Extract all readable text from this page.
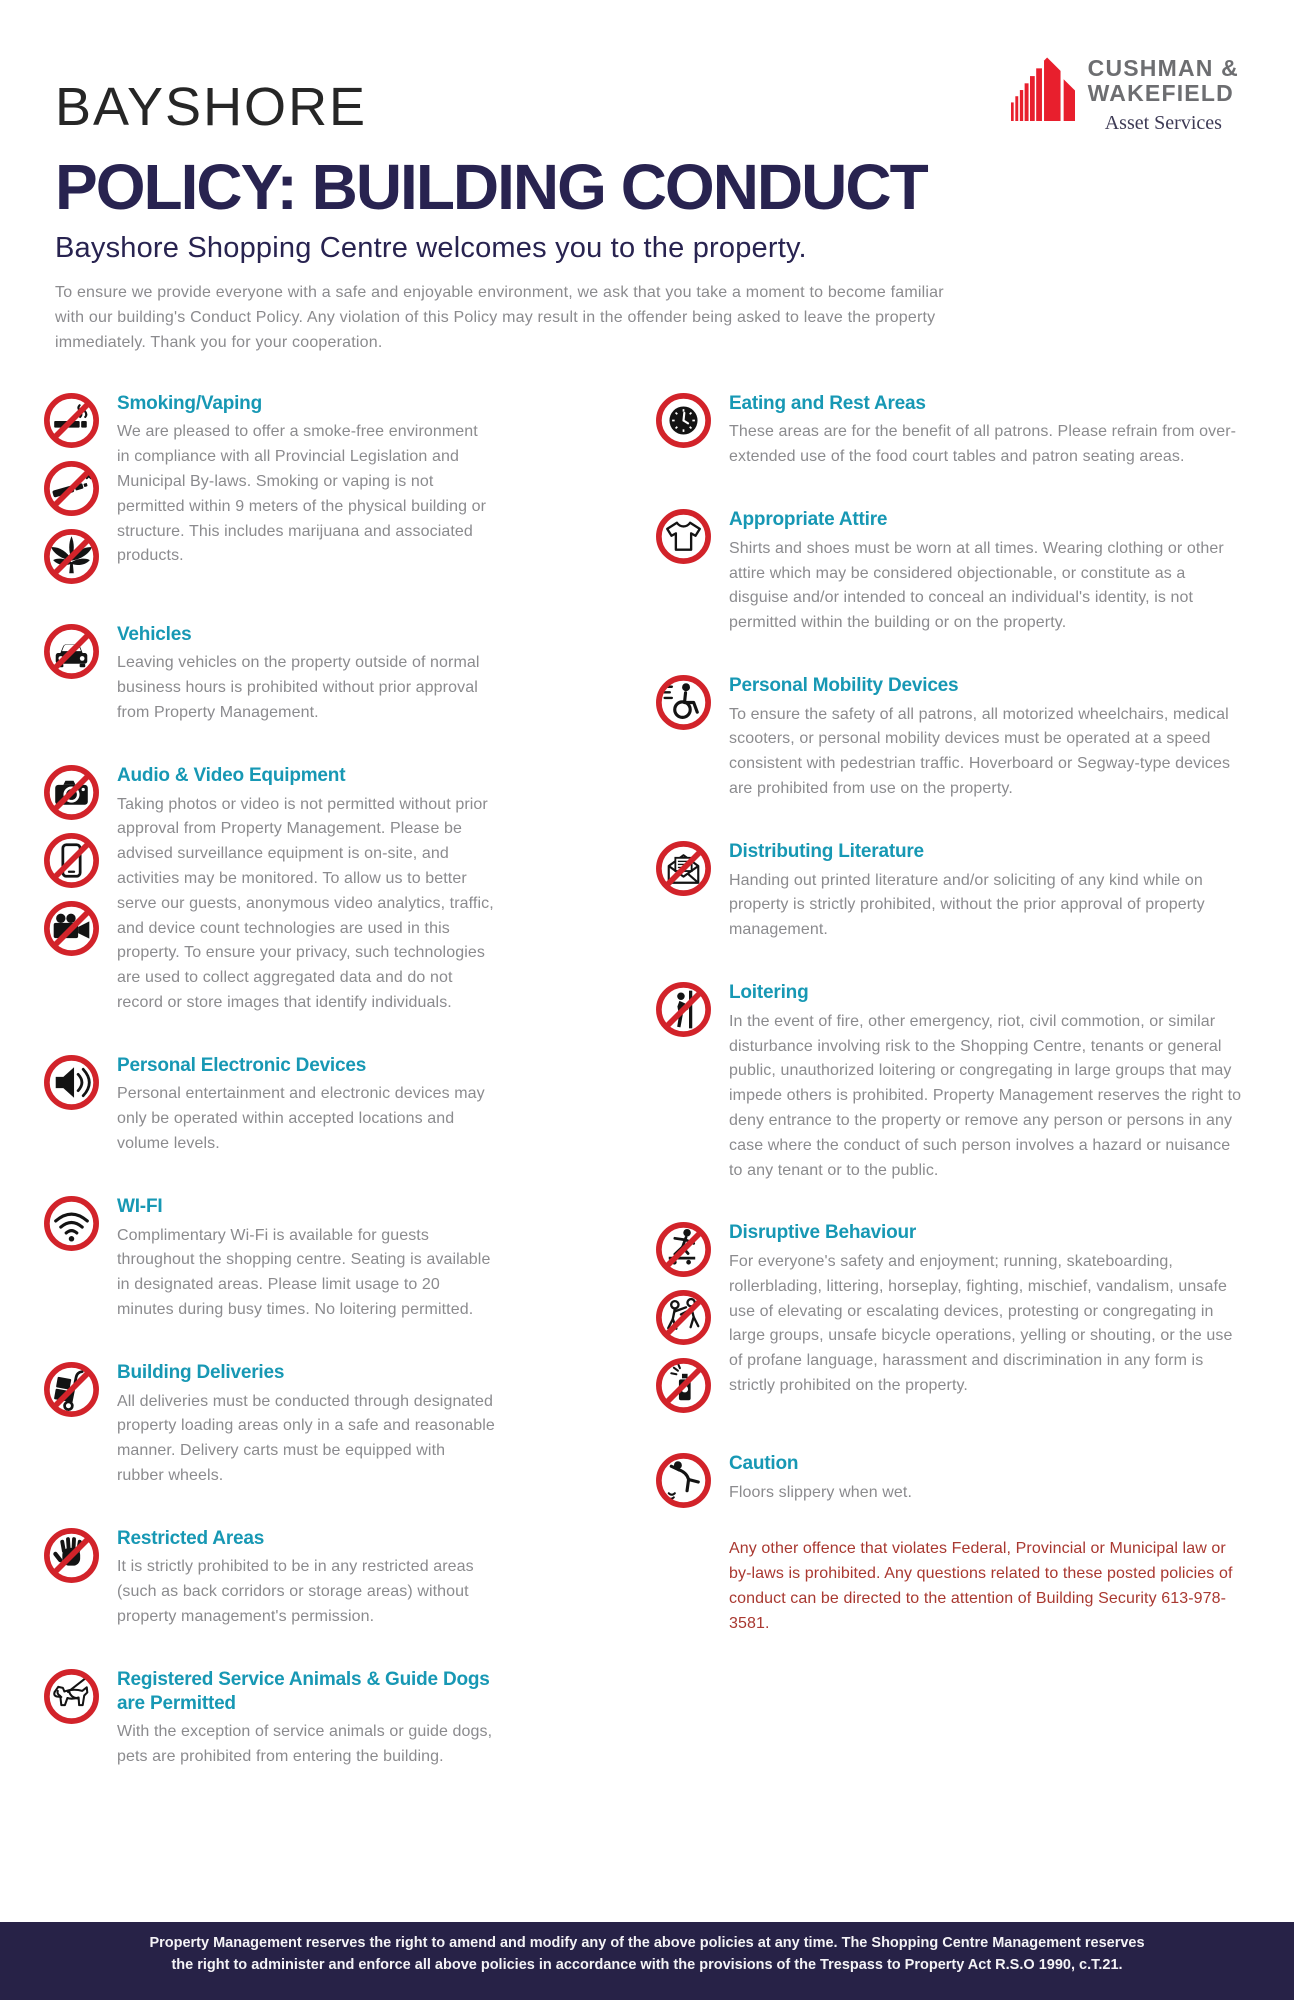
BAYSHORE
CUSHMAN &
WAKEFIELD
Asset Services
POLICY: BUILDING CONDUCT
Bayshore Shopping Centre welcomes you to the property.

To ensure we provide everyone with a safe and enjoyable environment, we ask that you take a moment to become familiar with our building's Conduct Policy. Any violation of this Policy may result in the offender being asked to leave the property immediately. Thank you for your cooperation.

Smoking/Vaping

We are pleased to offer a smoke-free environment in compliance with all Provincial Legislation and Municipal By-laws. Smoking or vaping is not permitted within 9 meters of the physical building or structure. This includes marijuana and associated products.

Vehicles

Leaving vehicles on the property outside of normal business hours is prohibited without prior approval from Property Management.

Audio & Video Equipment

Taking photos or video is not permitted without prior approval from Property Management. Please be advised surveillance equipment is on-site, and activities may be monitored. To allow us to better serve our guests, anonymous video analytics, traffic, and device count technologies are used in this property. To ensure your privacy, such technologies are used to collect aggregated data and do not record or store images that identify individuals.

Personal Electronic Devices

Personal entertainment and electronic devices may only be operated within accepted locations and volume levels.

WI-FI

Complimentary Wi-Fi is available for guests throughout the shopping centre. Seating is available in designated areas. Please limit usage to 20 minutes during busy times. No loitering permitted.

Building Deliveries

All deliveries must be conducted through designated property loading areas only in a safe and reasonable manner. Delivery carts must be equipped with rubber wheels.

Restricted Areas

It is strictly prohibited to be in any restricted areas (such as back corridors or storage areas) without property management's permission.

Registered Service Animals & Guide Dogs are Permitted

With the exception of service animals or guide dogs, pets are prohibited from entering the building.

Eating and Rest Areas

These areas are for the benefit of all patrons. Please refrain from over-extended use of the food court tables and patron seating areas.

Appropriate Attire

Shirts and shoes must be worn at all times. Wearing clothing or other attire which may be considered objectionable, or constitute as a disguise and/or intended to conceal an individual's identity, is not permitted within the building or on the property.

Personal Mobility Devices

To ensure the safety of all patrons, all motorized wheelchairs, medical scooters, or personal mobility devices must be operated at a speed consistent with pedestrian traffic. Hoverboard or Segway-type devices are prohibited from use on the property.

Distributing Literature

Handing out printed literature and/or soliciting of any kind while on property is strictly prohibited, without the prior approval of property management.

Loitering

In the event of fire, other emergency, riot, civil commotion, or similar disturbance involving risk to the Shopping Centre, tenants or general public, unauthorized loitering or congregating in large groups that may impede others is prohibited. Property Management reserves the right to deny entrance to the property or remove any person or persons in any case where the conduct of such person involves a hazard or nuisance to any tenant or to the public.

Disruptive Behaviour

For everyone's safety and enjoyment; running, skateboarding, rollerblading, littering, horseplay, fighting, mischief, vandalism, unsafe use of elevating or escalating devices, protesting or congregating in large groups, unsafe bicycle operations, yelling or shouting, or the use of profane language, harassment and discrimination in any form is strictly prohibited on the property.

Caution

Floors slippery when wet.

Any other offence that violates Federal, Provincial or Municipal law or by-laws is prohibited. Any questions related to these posted policies of conduct can be directed to the attention of Building Security 613-978-3581.

Property Management reserves the right to amend and modify any of the above policies at any time. The Shopping Centre Management reserves
the right to administer and enforce all above policies in accordance with the provisions of the Trespass to Property Act R.S.O 1990, c.T.21.
